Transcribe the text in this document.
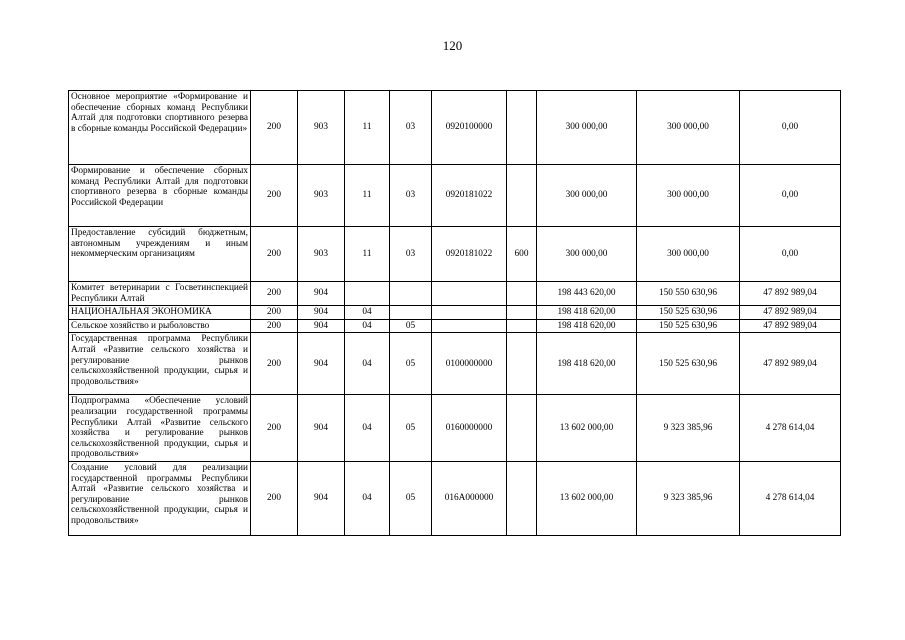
120
Основное мероприятие «Формирование и обеспечение сборных команд Республики Алтай для подготовки спортивного резерва в сборные команды Российской Федерации»	200	903	11	03	0920100000		300 000,00	300 000,00	0,00
Формирование и обеспечение сборных команд Республики Алтай для подготовки спортивного резерва в сборные команды Российской Федерации	200	903	11	03	0920181022		300 000,00	300 000,00	0,00
Предоставление субсидий бюджетным, автономным учреждениям и иным некоммерческим организациям	200	903	11	03	0920181022	600	300 000,00	300 000,00	0,00
Комитет ветеринарии с Госветинспекцией Республики Алтай	200	904					198 443 620,00	150 550 630,96	47 892 989,04
НАЦИОНАЛЬНАЯ ЭКОНОМИКА	200	904	04				198 418 620,00	150 525 630,96	47 892 989,04
Сельское хозяйство и рыболовство	200	904	04	05			198 418 620,00	150 525 630,96	47 892 989,04
Государственная программа Республики Алтай «Развитие сельского хозяйства и регулирование рынков сельскохозяйственной продукции, сырья и продовольствия»	200	904	04	05	0100000000		198 418 620,00	150 525 630,96	47 892 989,04
Подпрограмма «Обеспечение условий реализации государственной программы Республики Алтай «Развитие сельского хозяйства и регулирование рынков сельскохозяйственной продукции, сырья и продовольствия»	200	904	04	05	0160000000		13 602 000,00	9 323 385,96	4 278 614,04
Создание условий для реализации государственной программы Республики Алтай «Развитие сельского хозяйства и регулирование рынков сельскохозяйственной продукции, сырья и продовольствия»	200	904	04	05	016А000000		13 602 000,00	9 323 385,96	4 278 614,04
